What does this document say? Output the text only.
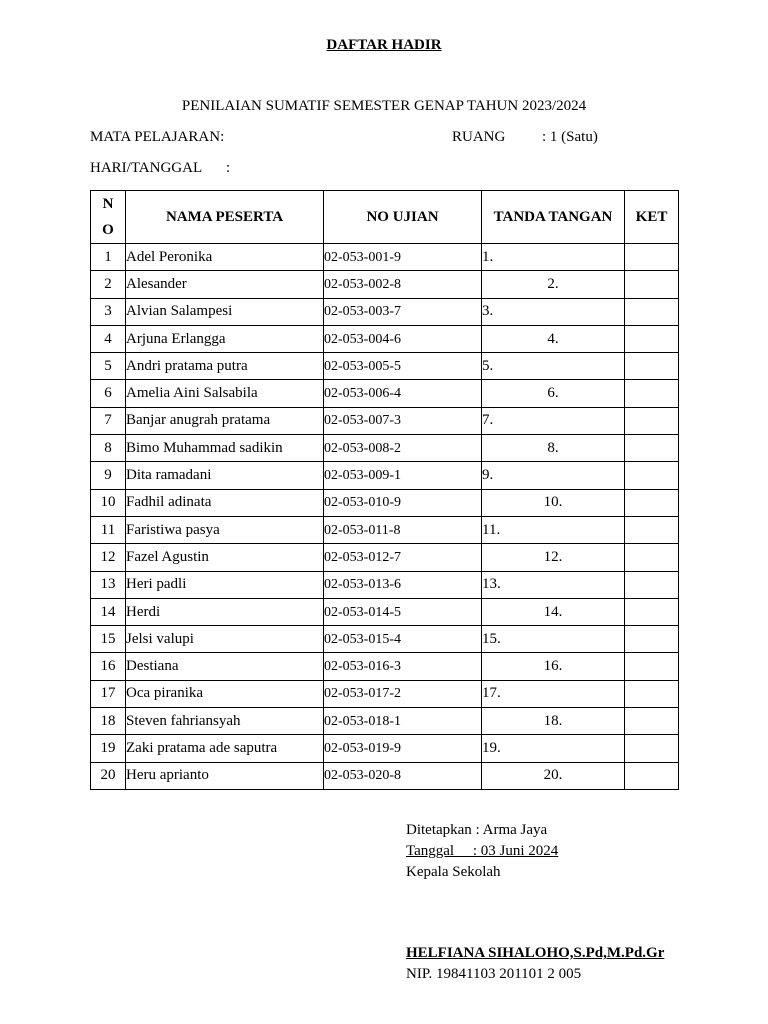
DAFTAR HADIR
PENILAIAN SUMATIF SEMESTER GENAP TAHUN 2023/2024
MATA PELAJARAN:	RUANG : 1 (Satu)
HARI/TANGGAL :
N
O	NAMA PESERTA	NO UJIAN	TANDA TANGAN	KET
1	Adel Peronika	02-053-001-9	1.	
2	Alesander	02-053-002-8	2.	
3	Alvian Salampesi	02-053-003-7	3.	
4	Arjuna Erlangga	02-053-004-6	4.	
5	Andri pratama putra	02-053-005-5	5.	
6	Amelia Aini Salsabila	02-053-006-4	6.	
7	Banjar anugrah pratama	02-053-007-3	7.	
8	Bimo Muhammad sadikin	02-053-008-2	8.	
9	Dita ramadani	02-053-009-1	9.	
10	Fadhil adinata	02-053-010-9	10.	
11	Faristiwa pasya	02-053-011-8	11.	
12	Fazel Agustin	02-053-012-7	12.	
13	Heri padli	02-053-013-6	13.	
14	Herdi	02-053-014-5	14.	
15	Jelsi valupi	02-053-015-4	15.	
16	Destiana	02-053-016-3	16.	
17	Oca piranika	02-053-017-2	17.	
18	Steven fahriansyah	02-053-018-1	18.	
19	Zaki pratama ade saputra	02-053-019-9	19.	
20	Heru aprianto	02-053-020-8	20.	
Ditetapkan : Arma Jaya
Tanggal     : 03 Juni 2024
Kepala Sekolah
HELFIANA SIHALOHO,S.Pd,M.Pd.Gr
NIP. 19841103 201101 2 005
